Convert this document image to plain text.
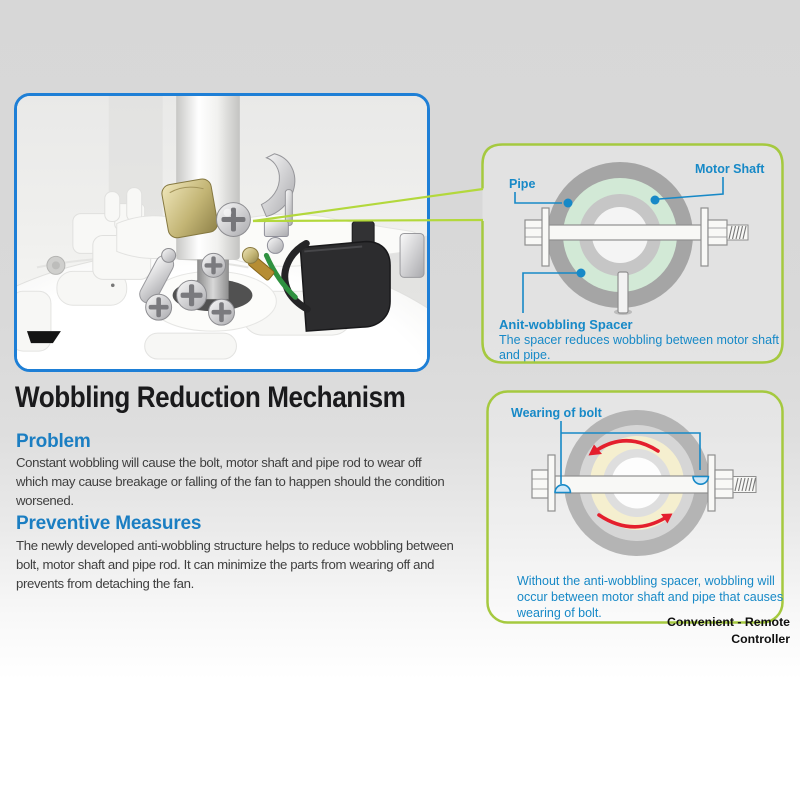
Pipe
Motor Shaft
Anit-wobbling Spacer
The spacer reduces wobbling between motor shaft
and pipe.
Wearing of bolt
Without the anti-wobbling spacer, wobbling will
occur between motor shaft and pipe that causes
wearing of bolt.
Wobbling Reduction Mechanism
Problem
Constant wobbling will cause the bolt, motor shaft and pipe rod to wear off
which may cause breakage or falling of the fan to happen should the condition
worsened.
Preventive Measures
The newly developed anti-wobbling structure helps to reduce wobbling between
bolt, motor shaft and pipe rod. It can minimize the parts from wearing off and
prevents from detaching the fan.
Convenient - Remote
Controller
